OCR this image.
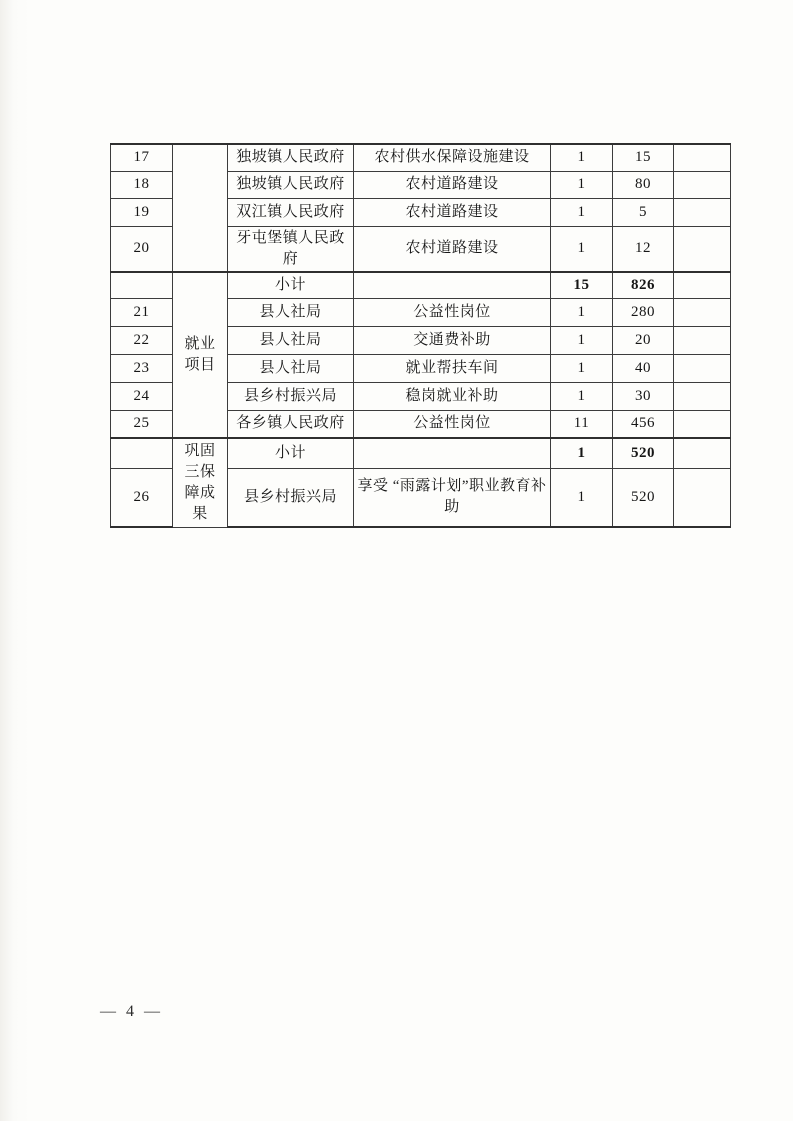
17		独坡镇人民政府	农村供水保障设施建设	1	15	
18		独坡镇人民政府	农村道路建设	1	80	
19		双江镇人民政府	农村道路建设	1	5	
20		牙屯堡镇人民政府	农村道路建设	1	12	
	就业项目	小计		15	826	
21		县人社局	公益性岗位	1	280	
22		县人社局	交通费补助	1	20	
23		县人社局	就业帮扶车间	1	40	
24		县乡村振兴局	稳岗就业补助	1	30	
25		各乡镇人民政府	公益性岗位	11	456	
	巩固三保障成果	小计		1	520	
26		县乡村振兴局	享受 “雨露计划”职业教育补助	1	520	
— 4 —
